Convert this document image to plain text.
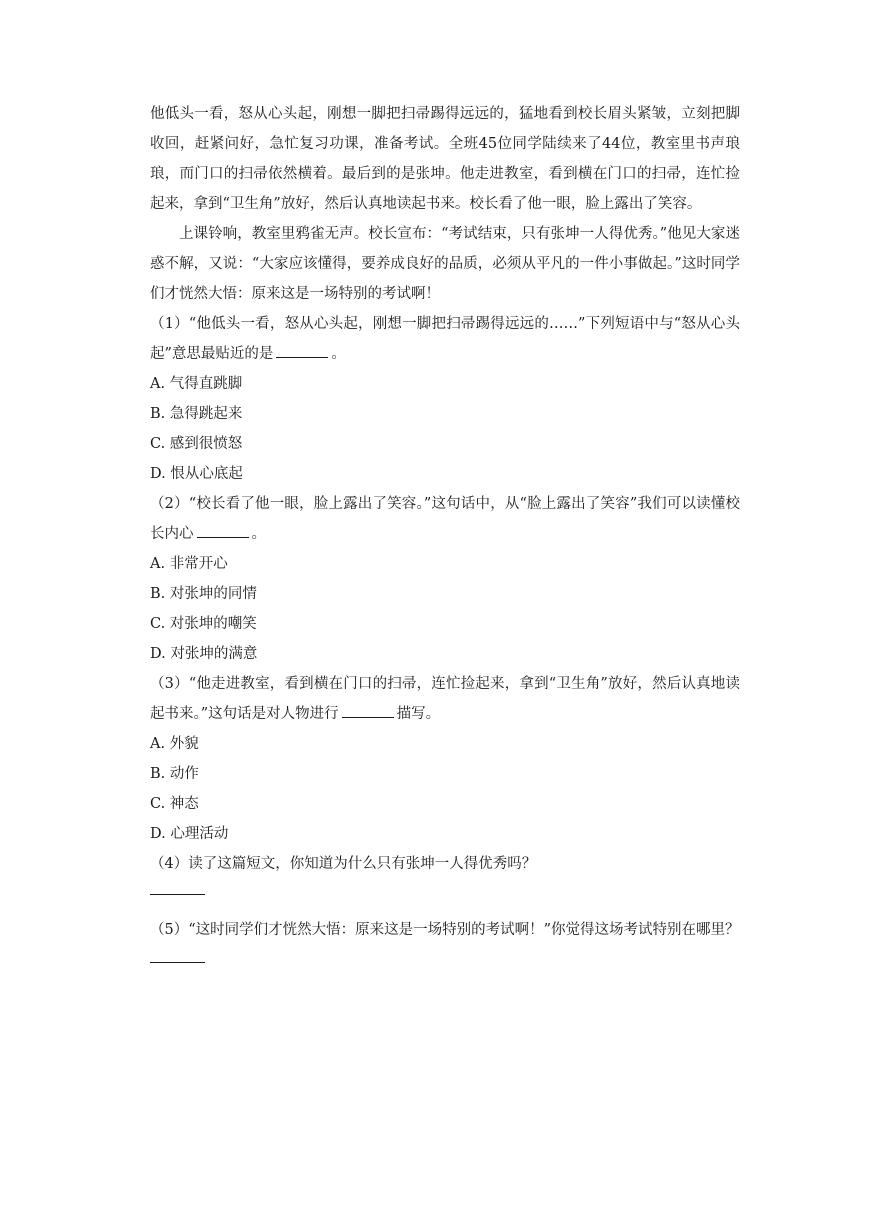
他低头一看，怒从心头起，刚想一脚把扫帚踢得远远的，猛地看到校长眉头紧皱，立刻把脚收回，赶紧问好，急忙复习功课，准备考试。全班45位同学陆续来了44位，教室里书声琅琅，而门口的扫帚依然横着。最后到的是张坤。他走进教室，看到横在门口的扫帚，连忙捡起来，拿到“卫生角”放好，然后认真地读起书来。校长看了他一眼，脸上露出了笑容。

上课铃响，教室里鸦雀无声。校长宣布：“考试结束，只有张坤一人得优秀。”他见大家迷惑不解，又说：“大家应该懂得，要养成良好的品质，必须从平凡的一件小事做起。”这时同学们才恍然大悟：原来这是一场特别的考试啊！

（1）“他低头一看，怒从心头起，刚想一脚把扫帚踢得远远的……”下列短语中与“怒从心头起”意思最贴近的是	。

A. 气得直跳脚
B. 急得跳起来
C. 感到很愤怒
D. 恨从心底起

（2）“校长看了他一眼，脸上露出了笑容。”这句话中，从“脸上露出了笑容”我们可以读懂校长内心	。

A. 非常开心
B. 对张坤的同情
C. 对张坤的嘲笑
D. 对张坤的满意

（3）“他走进教室，看到横在门口的扫帚，连忙捡起来，拿到“卫生角”放好，然后认真地读起书来。”这句话是对人物进行	描写。

A. 外貌
B. 动作
C. 神态
D. 心理活动

（4）读了这篇短文，你知道为什么只有张坤一人得优秀吗？

（5）“这时同学们才恍然大悟：原来这是一场特别的考试啊！”你觉得这场考试特别在哪里？
